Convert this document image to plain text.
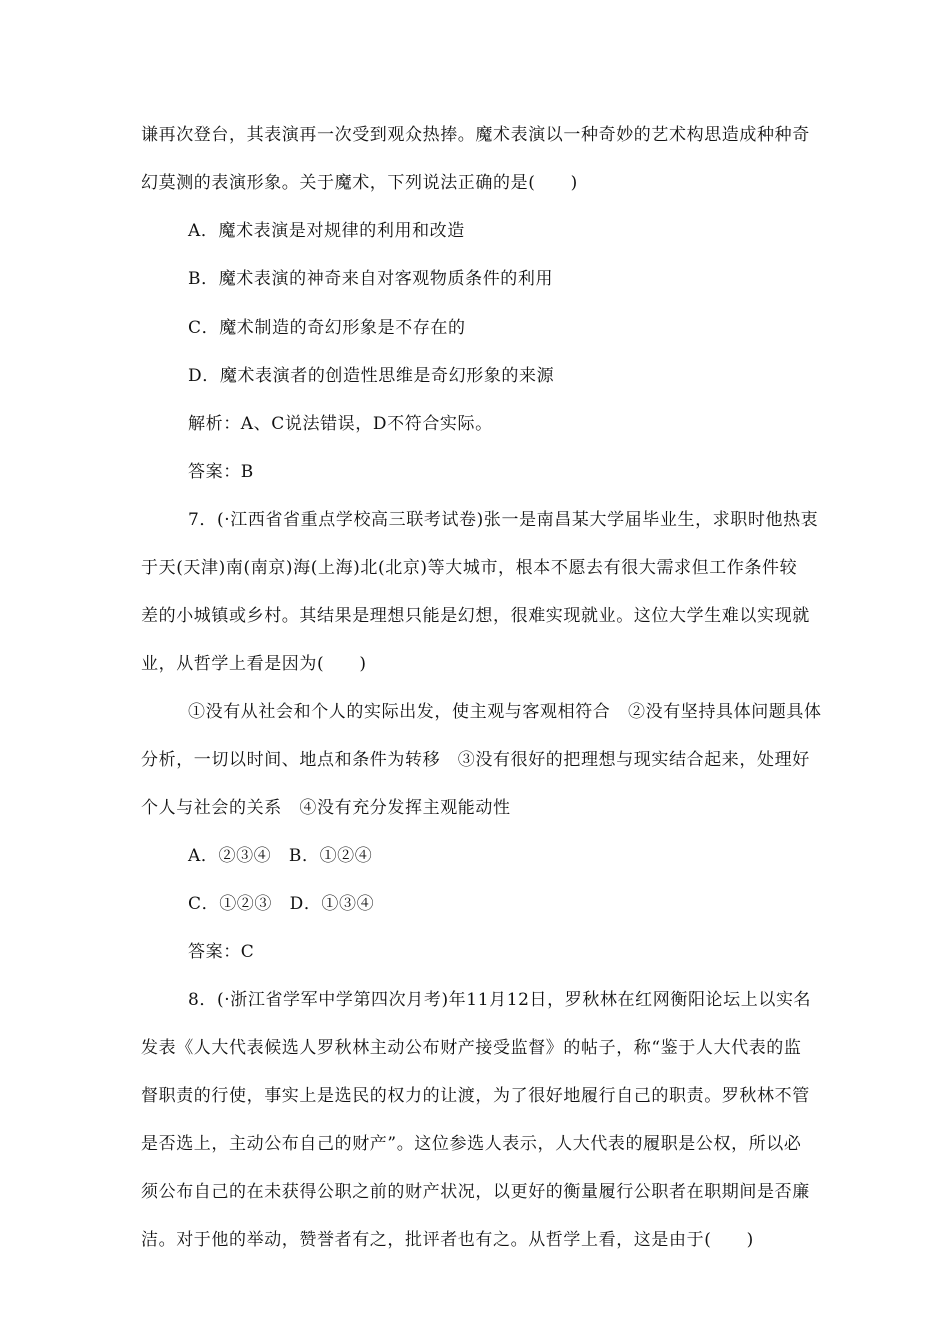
谦再次登台，其表演再一次受到观众热捧。魔术表演以一种奇妙的艺术构思造成种种奇
幻莫测的表演形象。关于魔术，下列说法正确的是(　　)
A．魔术表演是对规律的利用和改造
B．魔术表演的神奇来自对客观物质条件的利用
C．魔术制造的奇幻形象是不存在的
D．魔术表演者的创造性思维是奇幻形象的来源
解析：A、C说法错误，D不符合实际。
答案：B
7．(·江西省省重点学校高三联考试卷)张一是南昌某大学届毕业生，求职时他热衷
于天(天津)南(南京)海(上海)北(北京)等大城市，根本不愿去有很大需求但工作条件较
差的小城镇或乡村。其结果是理想只能是幻想，很难实现就业。这位大学生难以实现就
业，从哲学上看是因为(　　)
①没有从社会和个人的实际出发，使主观与客观相符合　②没有坚持具体问题具体
分析，一切以时间、地点和条件为转移　③没有很好的把理想与现实结合起来，处理好
个人与社会的关系　④没有充分发挥主观能动性
A．②③④　B．①②④
C．①②③　D．①③④
答案：C
8．(·浙江省学军中学第四次月考)年11月12日，罗秋林在红网衡阳论坛上以实名
发表《人大代表候选人罗秋林主动公布财产接受监督》的帖子，称“鉴于人大代表的监
督职责的行使，事实上是选民的权力的让渡，为了很好地履行自己的职责。罗秋林不管
是否选上，主动公布自己的财产”。这位参选人表示，人大代表的履职是公权，所以必
须公布自己的在未获得公职之前的财产状况，以更好的衡量履行公职者在职期间是否廉
洁。对于他的举动，赞誉者有之，批评者也有之。从哲学上看，这是由于(　　)
